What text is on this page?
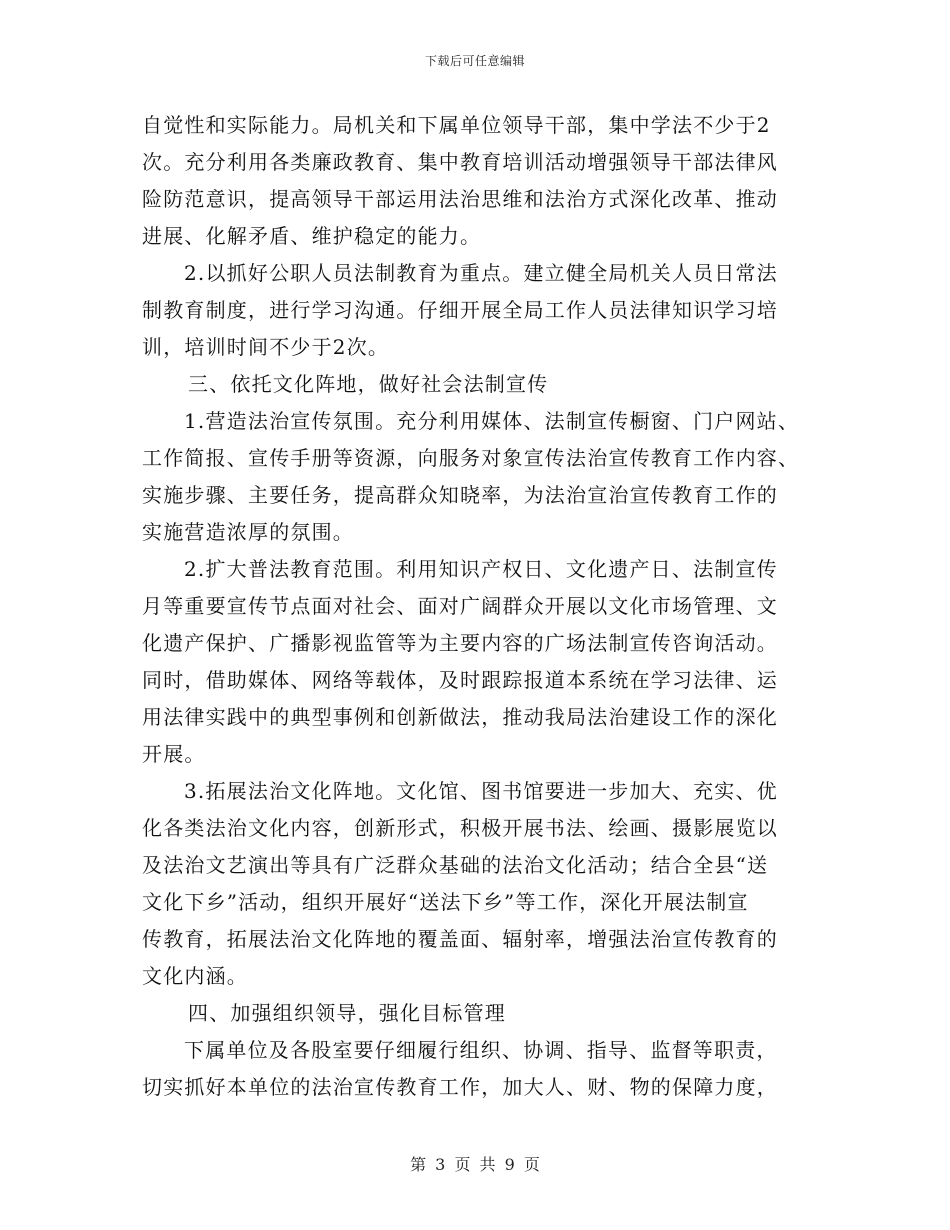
下载后可任意编辑
自觉性和实际能力。局机关和下属单位领导干部，集中学法不少于2
次。充分利用各类廉政教育、集中教育培训活动增强领导干部法律风
险防范意识，提高领导干部运用法治思维和法治方式深化改革、推动
进展、化解矛盾、维护稳定的能力。
2.以抓好公职人员法制教育为重点。建立健全局机关人员日常法
制教育制度，进行学习沟通。仔细开展全局工作人员法律知识学习培
训，培训时间不少于2次。
三、依托文化阵地，做好社会法制宣传
1.营造法治宣传氛围。充分利用媒体、法制宣传橱窗、门户网站、
工作简报、宣传手册等资源，向服务对象宣传法治宣传教育工作内容、
实施步骤、主要任务，提高群众知晓率，为法治宣治宣传教育工作的
实施营造浓厚的氛围。
2.扩大普法教育范围。利用知识产权日、文化遗产日、法制宣传
月等重要宣传节点面对社会、面对广阔群众开展以文化市场管理、文
化遗产保护、广播影视监管等为主要内容的广场法制宣传咨询活动。
同时，借助媒体、网络等载体，及时跟踪报道本系统在学习法律、运
用法律实践中的典型事例和创新做法，推动我局法治建设工作的深化
开展。
3.拓展法治文化阵地。文化馆、图书馆要进一步加大、充实、优
化各类法治文化内容，创新形式，积极开展书法、绘画、摄影展览以
及法治文艺演出等具有广泛群众基础的法治文化活动；结合全县“送
文化下乡”活动，组织开展好“送法下乡”等工作，深化开展法制宣
传教育，拓展法治文化阵地的覆盖面、辐射率，增强法治宣传教育的
文化内涵。
四、加强组织领导，强化目标管理
下属单位及各股室要仔细履行组织、协调、指导、监督等职责，
切实抓好本单位的法治宣传教育工作，加大人、财、物的保障力度，
第 3 页 共 9 页
